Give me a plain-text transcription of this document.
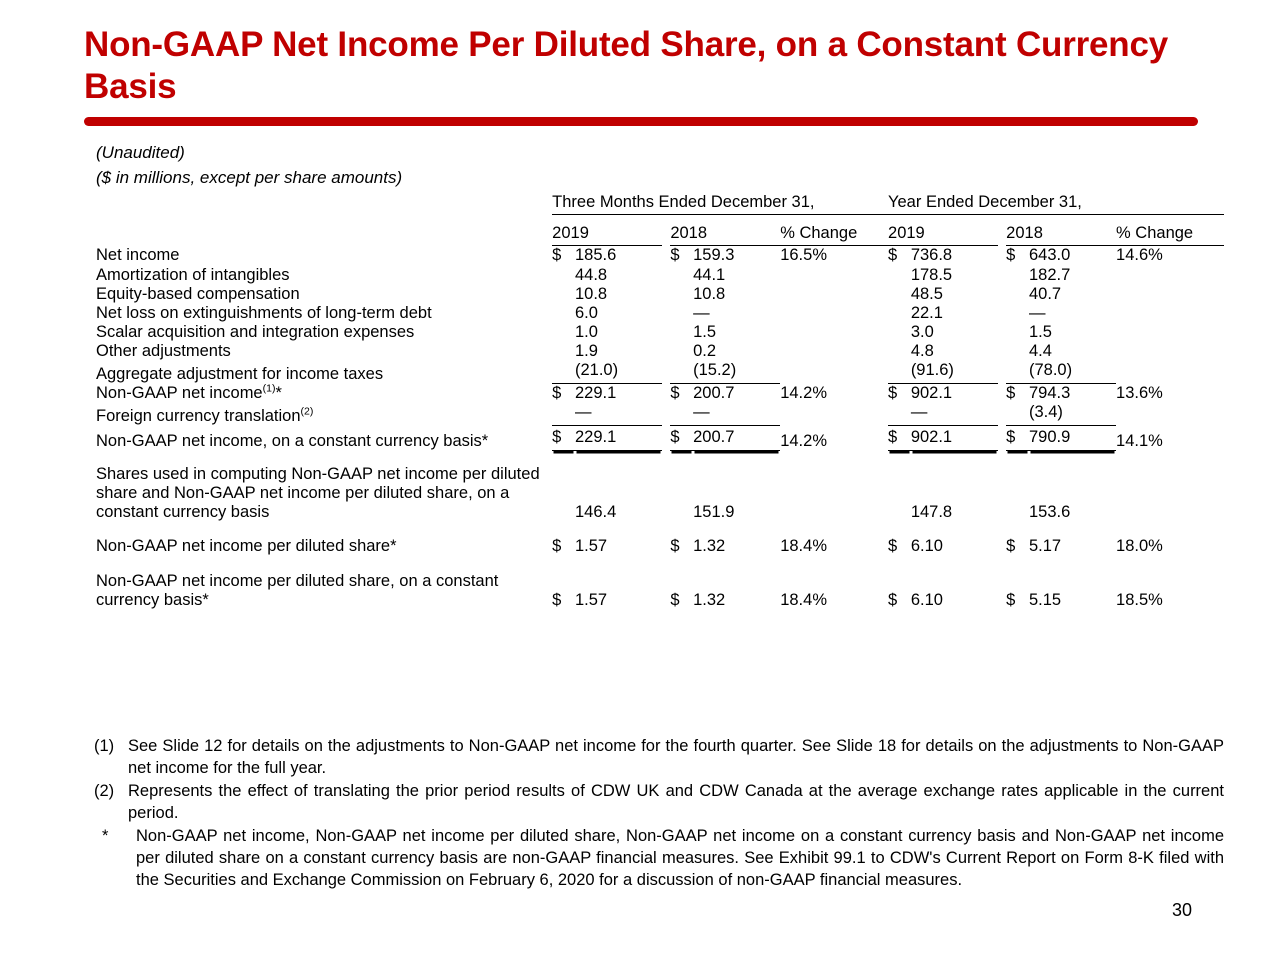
Non-GAAP Net Income Per Diluted Share, on a Constant Currency Basis
(Unaudited)
($ in millions, except per share amounts)

	Three Months Ended December 31,						Year Ended December 31,					

	2019			2018		% Change	2019			2018		% Change

Net income	$	185.6		$	159.3	16.5%	$	736.8		$	643.0	14.6%
Amortization of intangibles		44.8			44.1			178.5			182.7	
Equity-based compensation		10.8			10.8			48.5			40.7	
Net loss on extinguishments of long-term debt		6.0			—			22.1			—	
Scalar acquisition and integration expenses		1.0			1.5			3.0			1.5	
Other adjustments		1.9			0.2			4.8			4.4	
Aggregate adjustment for income taxes		(21.0)			(15.2)			(91.6)			(78.0)	
Non-GAAP net income$^{(1)}$*	$	229.1		$	200.7	14.2%	$	902.1		$	794.3	13.6%
Foreign currency translation$^{(2)}$		—			—			—			(3.4)	
Non-GAAP net income, on a constant currency basis*	$	229.1		$	200.7	14.2%	$	902.1		$	790.9	14.1%
Shares used in computing Non-GAAP net income per diluted share and Non-GAAP net income per diluted share, on a constant currency basis		146.4			151.9			147.8			153.6	
Non-GAAP net income per diluted share*	$	1.57		$	1.32	18.4%	$	6.10		$	5.17	18.0%
Non-GAAP net income per diluted share, on a constant currency basis*	$	1.57		$	1.32	18.4%	$	6.10		$	5.15	18.5%
(1) See Slide 12 for details on the adjustments to Non-GAAP net income for the fourth quarter. See Slide 18 for details on the adjustments to Non-GAAP net income for the full year.
(2) Represents the effect of translating the prior period results of CDW UK and CDW Canada at the average exchange rates applicable in the current period.
*	Non-GAAP net income, Non-GAAP net income per diluted share, Non-GAAP net income on a constant currency basis and Non-GAAP net income per diluted share on a constant currency basis are non-GAAP financial measures. See Exhibit 99.1 to CDW's Current Report on Form 8-K filed with the Securities and Exchange Commission on February 6, 2020 for a discussion of non-GAAP financial measures.
30
